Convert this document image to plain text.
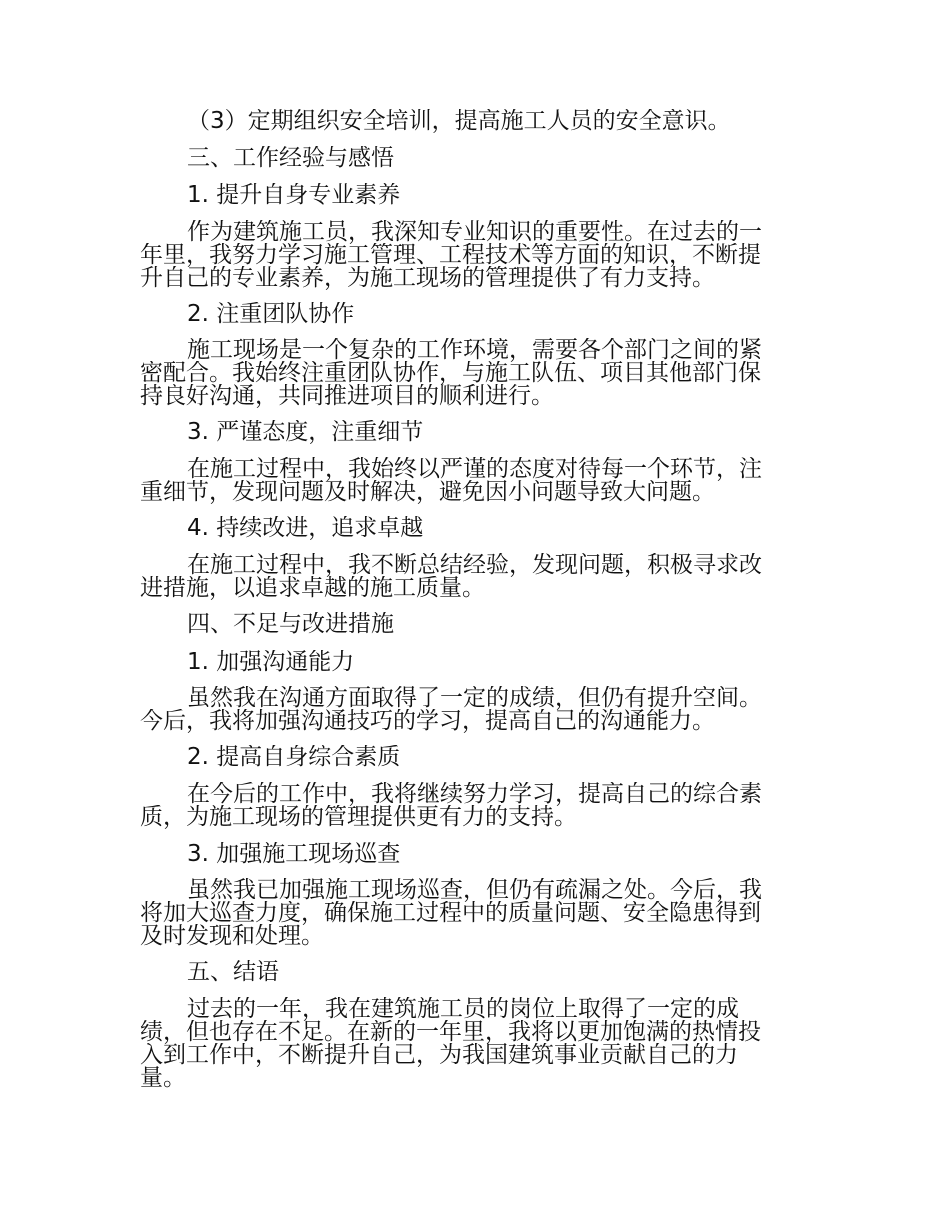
（3）定期组织安全培训，提高施工人员的安全意识。
三、工作经验与感悟
1. 提升自身专业素养
作为建筑施工员，我深知专业知识的重要性。在过去的一
年里，我努力学习施工管理、工程技术等方面的知识，不断提
升自己的专业素养，为施工现场的管理提供了有力支持。
2. 注重团队协作
施工现场是一个复杂的工作环境，需要各个部门之间的紧
密配合。我始终注重团队协作，与施工队伍、项目其他部门保
持良好沟通，共同推进项目的顺利进行。
3. 严谨态度，注重细节
在施工过程中，我始终以严谨的态度对待每一个环节，注
重细节，发现问题及时解决，避免因小问题导致大问题。
4. 持续改进，追求卓越
在施工过程中，我不断总结经验，发现问题，积极寻求改
进措施，以追求卓越的施工质量。
四、不足与改进措施
1. 加强沟通能力
虽然我在沟通方面取得了一定的成绩，但仍有提升空间。
今后，我将加强沟通技巧的学习，提高自己的沟通能力。
2. 提高自身综合素质
在今后的工作中，我将继续努力学习，提高自己的综合素
质，为施工现场的管理提供更有力的支持。
3. 加强施工现场巡查
虽然我已加强施工现场巡查，但仍有疏漏之处。今后，我
将加大巡查力度，确保施工过程中的质量问题、安全隐患得到
及时发现和处理。
五、结语
过去的一年，我在建筑施工员的岗位上取得了一定的成
绩，但也存在不足。在新的一年里，我将以更加饱满的热情投
入到工作中，不断提升自己，为我国建筑事业贡献自己的力
量。
